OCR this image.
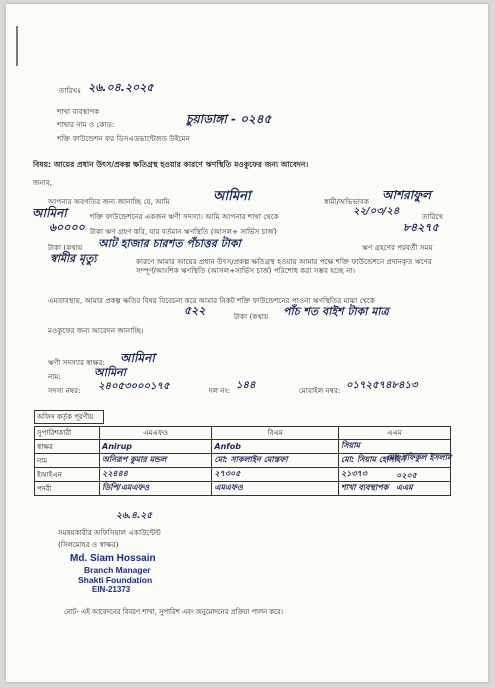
তারিখঃ ২৬.০৪.২০২৫
শাখা ব্যবস্থাপক
শাখার নাম ও কোড:	চুয়াডাঙ্গা - ০২৪৫
শক্তি ফাউন্ডেশন ফর ডিসএডভান্টেজড উইমেন
বিষয়: আয়ের প্রধান উৎস/প্রকল্প ক্ষতিগ্রস্থ হওয়ার কারণে ঋণস্থিতি মওকুফের জন্য আবেদন।
জনাব,
আপনার অবগতির জন্য জানাচ্ছি যে, আমি	আমিনা	স্বামী/অভিভাবক আশরাফুল
আমিনা	শক্তি ফাউন্ডেশনের একজন ঋণী সদস্যা। আমি আপনার শাখা থেকে	২২/০৩/২৪	তারিখে
৬০০০০ টাকা ঋণ গ্রহণ করি, যার বর্তমান ঋণস্থিতি (আসল+ সার্ভিস চার্জ)	৮৪২৭৫
টাকা (কথায় আট হাজার চারশত পঁচাত্তর টাকা	ঋণ গ্রহণের পরবর্তী সময়
স্বামীর মৃত্যু	কারণে আমার আয়ের প্রধান উৎস/প্রকল্প ক্ষতিগ্রস্থ হওয়ায় আমার পক্ষে শক্তি ফাউন্ডেশনে প্রদানকৃত ঋণের সম্পূর্ণ/আংশিক ঋণস্থিতি (আসল+সার্ভিস চার্জ) পরিশোধ করা সম্ভব হচ্ছে না।
এমতাবস্থায়, আমার প্রকল্প ক্ষতির বিষয় বিবেচনা করে আমার নিকট শক্তি ফাউন্ডেশনের পাওনা ঋণস্থিতির মাঝা থেকে
৫২২	টাকা (কথায় পাঁচ শত বাইশ টাকা মাত্র
মওকুফের জন্য আবেদন জানাচ্ছি।
ঋণী সদস্যার স্বাক্ষর: আমিনা
নাম:	আমিনা
সদস্য নম্বর: ২৪০৫৩০০০১৭৫	দল নং: ১৪৪	মোবাইল নম্বর: ০১৭২৫৭৪৮৪১৩
অফিস কর্তৃক পূরণীয়
সুপারিশকারী	এমএফও	বিএম	এএম
স্বাক্ষর	Anirup	Anfob	সিয়াম
নাম	অনিরূপ কুমার মন্ডল	মো: সাকলাইন মোস্তফা	মো: সিয়াম হোসাইন
ইআইএন	২২৪৪৪	২৭৩০৫	২১৩৭৩
পদবী	ডিপি/এমএফও	এমএফও	শাখা ব্যবস্থাপক
মো: শফিকুল ইসলাম
০২০৫
এএম
২৬.৪.২৫
সমন্বয়কারীর অফিসিয়াল একাউন্টেন্ট
(সিলমোহর ও স্বাক্ষর)
Md. Siam Hossain
Branch Manager
Shakti Foundation
EIN-21373
নোট- এই আবেদনের বিবরণ শাখা, সুপারিশ এবং অনুমোদনের প্রক্রিয়া পালন করে।
